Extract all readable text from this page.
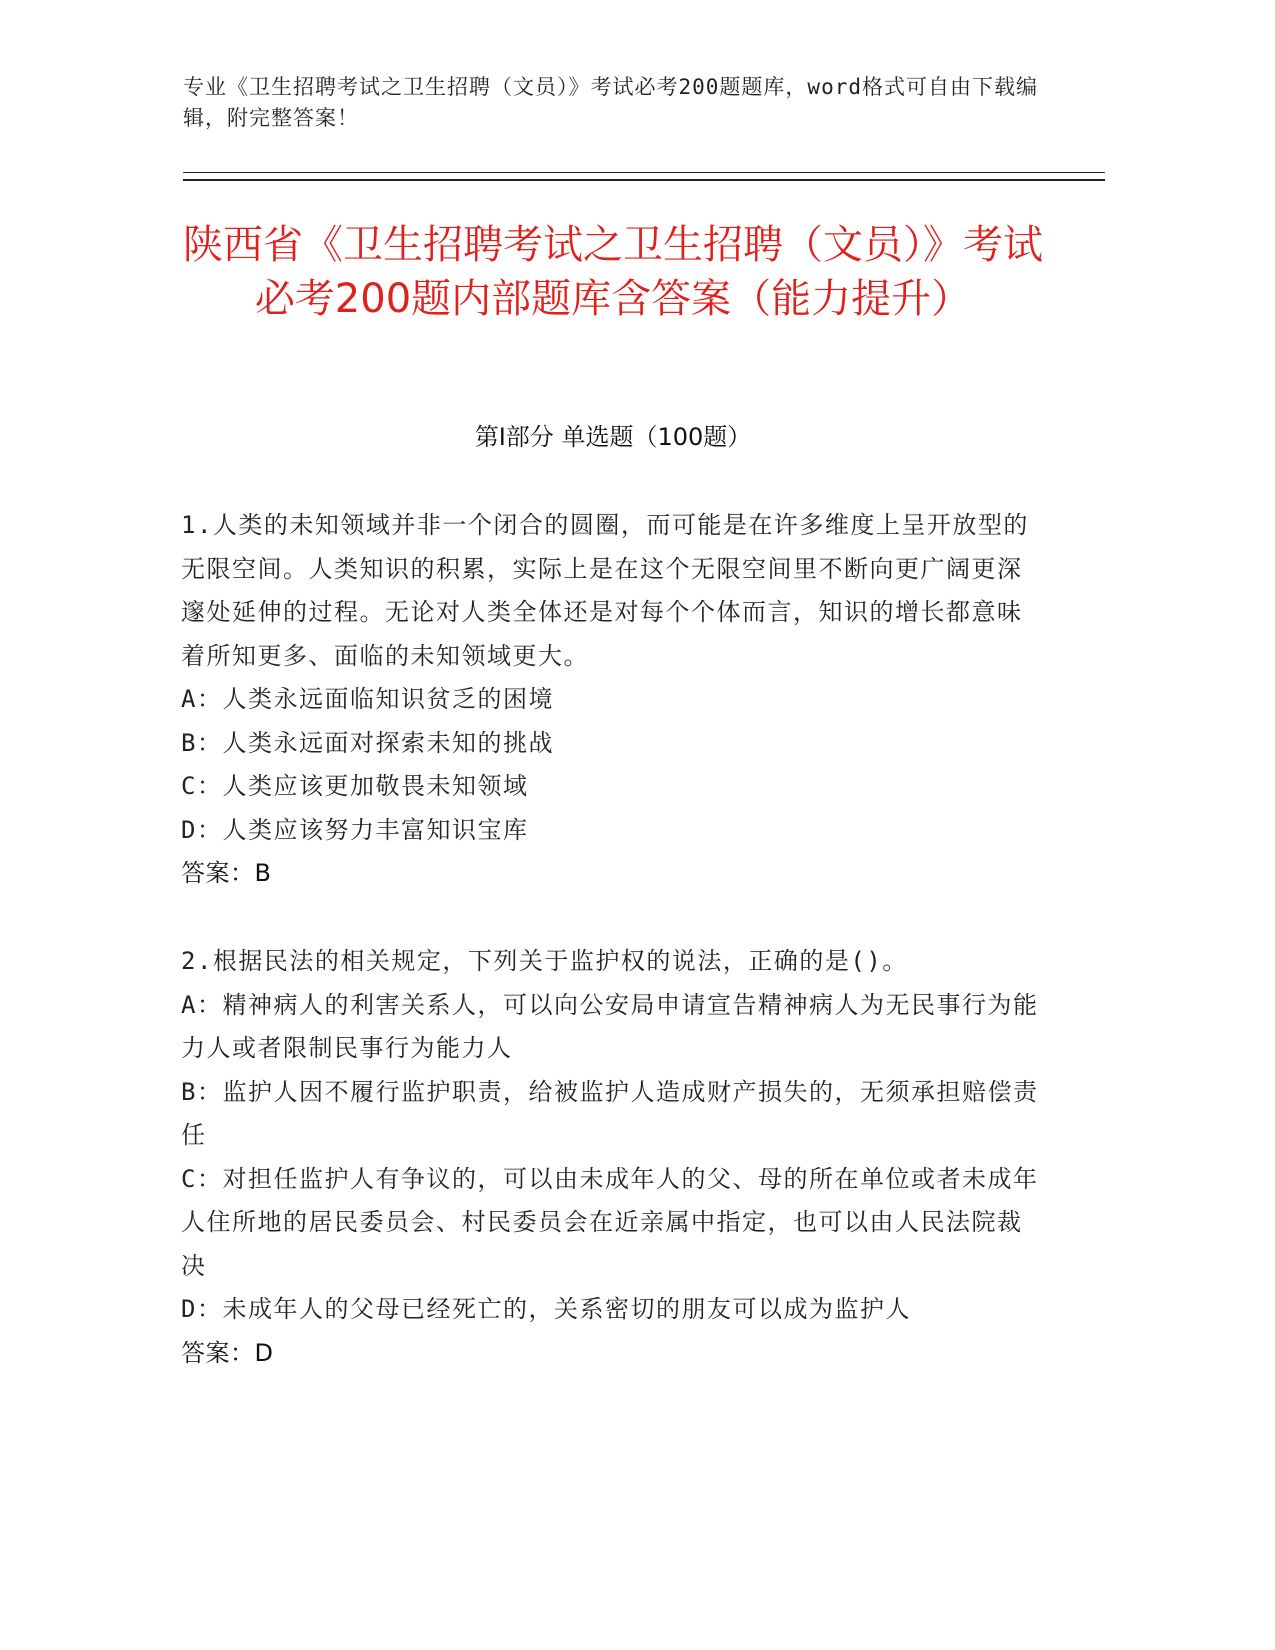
专业《卫生招聘考试之卫生招聘（文员）》考试必考200题题库，word格式可自由下载编辑，附完整答案！
陕西省《卫生招聘考试之卫生招聘（文员）》考试必考200题内部题库含答案（能力提升）
第Ⅰ部分 单选题（100题）

1.人类的未知领域并非一个闭合的圆圈，而可能是在许多维度上呈开放型的无限空间。人类知识的积累，实际上是在这个无限空间里不断向更广阔更深邃处延伸的过程。无论对人类全体还是对每个个体而言，知识的增长都意味着所知更多、面临的未知领域更大。

A：人类永远面临知识贫乏的困境

B：人类永远面对探索未知的挑战

C：人类应该更加敬畏未知领域

D：人类应该努力丰富知识宝库

答案：B

2.根据民法的相关规定，下列关于监护权的说法，正确的是()。

A：精神病人的利害关系人，可以向公安局申请宣告精神病人为无民事行为能力人或者限制民事行为能力人

B：监护人因不履行监护职责，给被监护人造成财产损失的，无须承担赔偿责任

C：对担任监护人有争议的，可以由未成年人的父、母的所在单位或者未成年人住所地的居民委员会、村民委员会在近亲属中指定，也可以由人民法院裁决

D：未成年人的父母已经死亡的，关系密切的朋友可以成为监护人

答案：D
